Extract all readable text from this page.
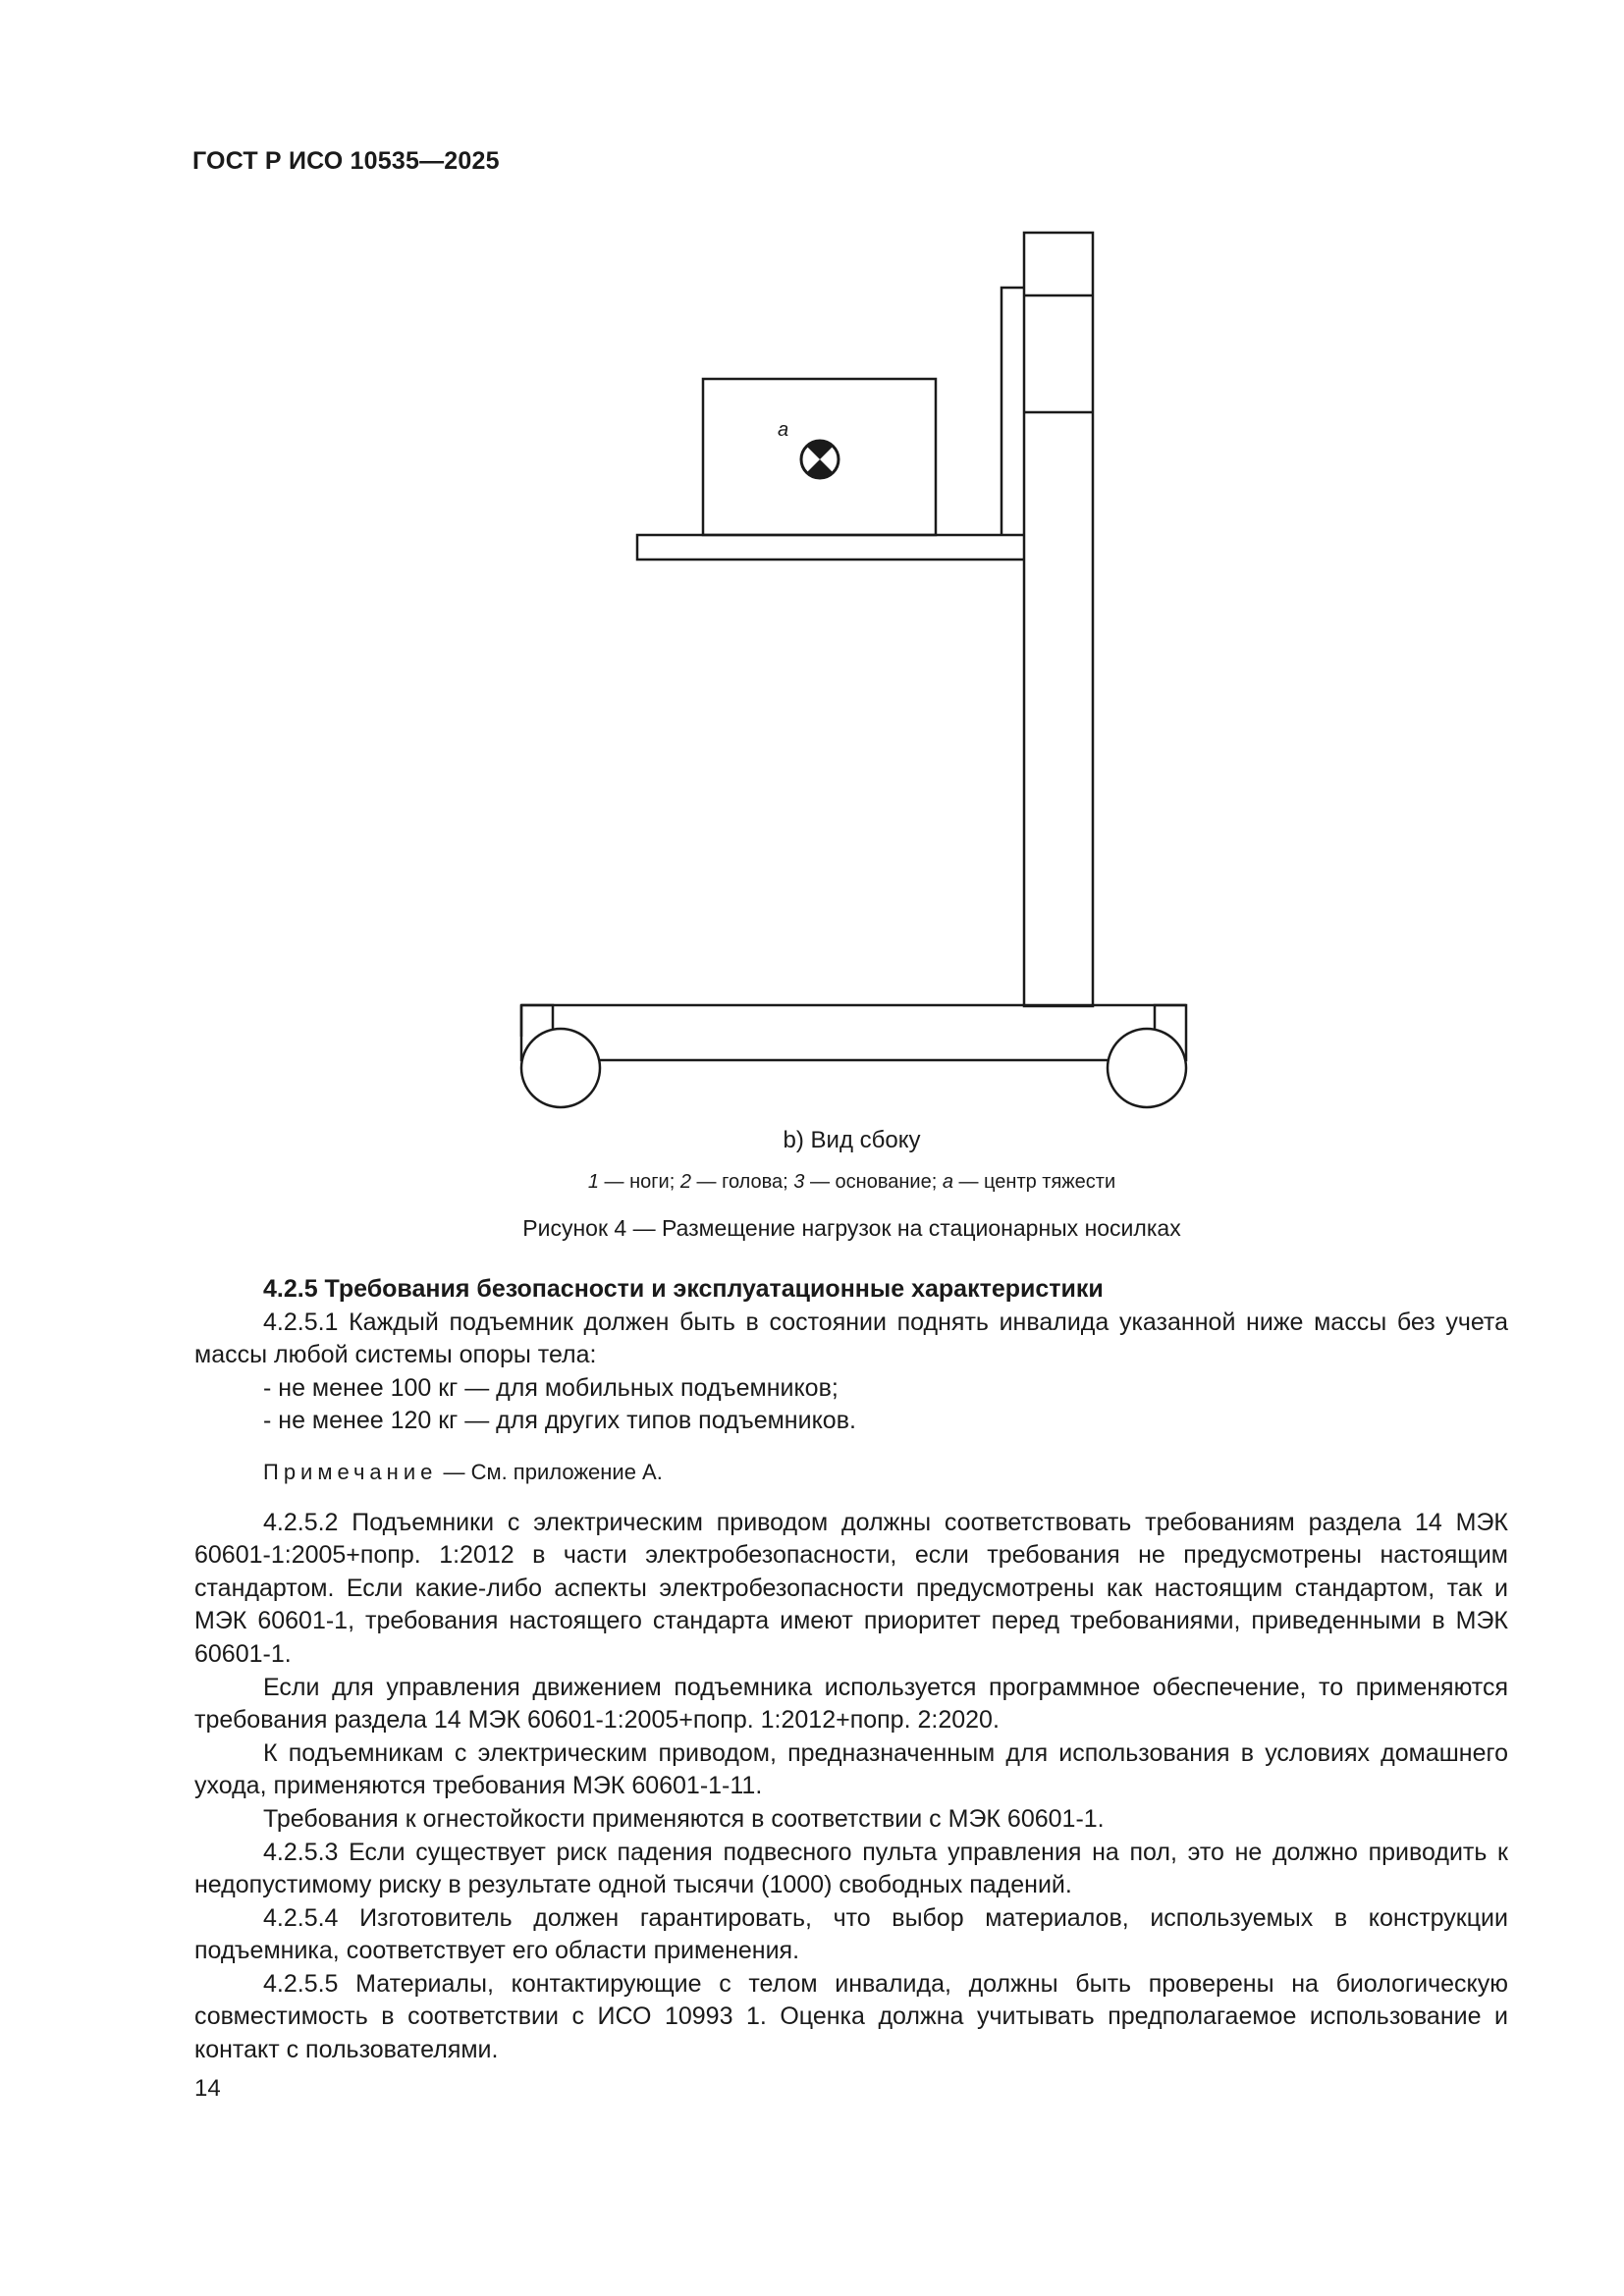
ГОСТ Р ИСО 10535—2025
a
b) Вид сбоку
1 — ноги; 2 — голова; 3 — основание; a — центр тяжести
Рисунок 4 — Размещение нагрузок на стационарных носилках

4.2.5 Требования безопасности и эксплуатационные характеристики

4.2.5.1 Каждый подъемник должен быть в состоянии поднять инвалида указанной ниже массы без учета массы любой системы опоры тела:

- не менее 100 кг — для мобильных подъемников;

- не менее 120 кг — для других типов подъемников.

Примечание — См. приложение А.

4.2.5.2 Подъемники с электрическим приводом должны соответствовать требованиям раздела 14 МЭК 60601-1:2005+попр. 1:2012 в части электробезопасности, если требования не предусмотрены настоящим стандартом. Если какие-либо аспекты электробезопасности предусмотрены как настоящим стандартом, так и МЭК 60601-1, требования настоящего стандарта имеют приоритет перед требованиями, приведенными в МЭК 60601-1.

Если для управления движением подъемника используется программное обеспечение, то применяются требования раздела 14 МЭК 60601-1:2005+попр. 1:2012+попр. 2:2020.

К подъемникам с электрическим приводом, предназначенным для использования в условиях домашнего ухода, применяются требования МЭК 60601-1-11.

Требования к огнестойкости применяются в соответствии с МЭК 60601-1.

4.2.5.3 Если существует риск падения подвесного пульта управления на пол, это не должно приводить к недопустимому риску в результате одной тысячи (1000) свободных падений.

4.2.5.4 Изготовитель должен гарантировать, что выбор материалов, используемых в конструкции подъемника, соответствует его области применения.

4.2.5.5 Материалы, контактирующие с телом инвалида, должны быть проверены на биологическую совместимость в соответствии с ИСО 10993 1. Оценка должна учитывать предполагаемое использование и контакт с пользователями.

14
